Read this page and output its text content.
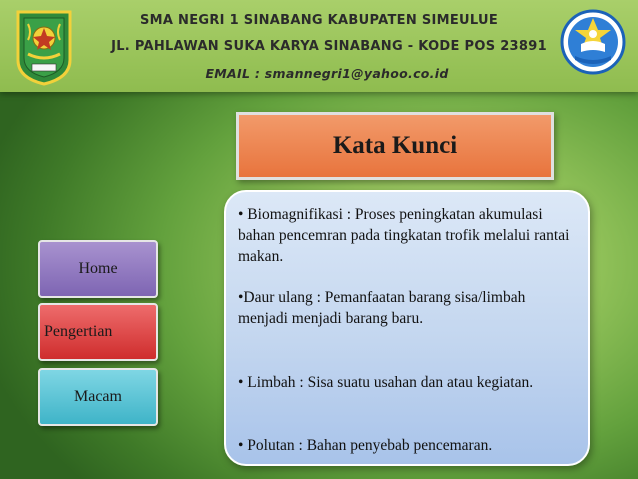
SMA NEGRI 1 SINABANG KABUPATEN SIMEULUE
JL. PAHLAWAN SUKA KARYA SINABANG - KODE POS 23891
EMAIL : smannegri1@yahoo.co.id
Kata Kunci

• Biomagnifikasi : Proses peningkatan akumulasi bahan pencemran pada tingkatan trofik melalui rantai makan.

•Daur ulang : Pemanfaatan barang sisa/limbah menjadi menjadi barang baru.

• Limbah : Sisa suatu usahan dan atau kegiatan.

• Polutan : Bahan penyebab pencemaran.

Home
Pengertian
Macam
